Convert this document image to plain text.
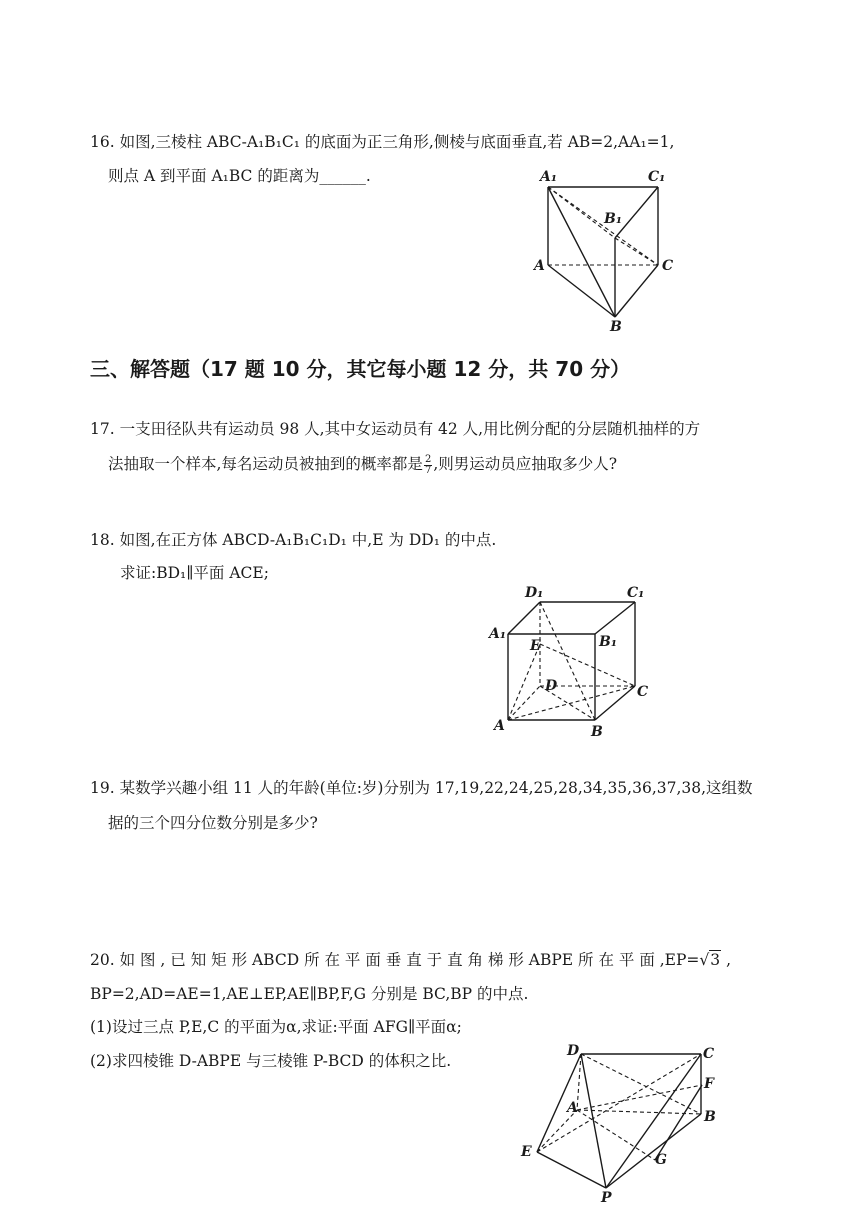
16. 如图,三棱柱 ABC-A₁B₁C₁ 的底面为正三角形,侧棱与底面垂直,若 AB=2,AA₁=1,
则点 A 到平面 A₁BC 的距离为______.	A₁	C₁
B₁
A	C
B
三、解答题（17 题 10 分，其它每小题 12 分，共 70 分）
17. 一支田径队共有运动员 98 人,其中女运动员有 42 人,用比例分配的分层随机抽样的方
法抽取一个样本,每名运动员被抽到的概率都是 $\frac{2}{7}$ ,则男运动员应抽取多少人?
18. 如图,在正方体 ABCD-A₁B₁C₁D₁ 中,E 为 DD₁ 的中点.
求证:BD₁∥平面 ACE;
D₁	C₁
A₁	B₁
E
D	C
A	B
19. 某数学兴趣小组 11 人的年龄(单位:岁)分别为 17,19,22,24,25,28,34,35,36,37,38,这组数
据的三个四分位数分别是多少?
20. 如 图 , 已 知 矩 形 ABCD 所 在 平 面 垂 直 于 直 角 梯 形 ABPE 所 在 平 面 ,EP=√3 ,
BP=2,AD=AE=1,AE⊥EP,AE∥BP,F,G 分别是 BC,BP 的中点.
(1)设过三点 P,E,C 的平面为α,求证:平面 AFG∥平面α;
(2)求四棱锥 D-ABPE 与三棱锥 P-BCD 的体积之比.
D	C
F
A
B
E	G
P
